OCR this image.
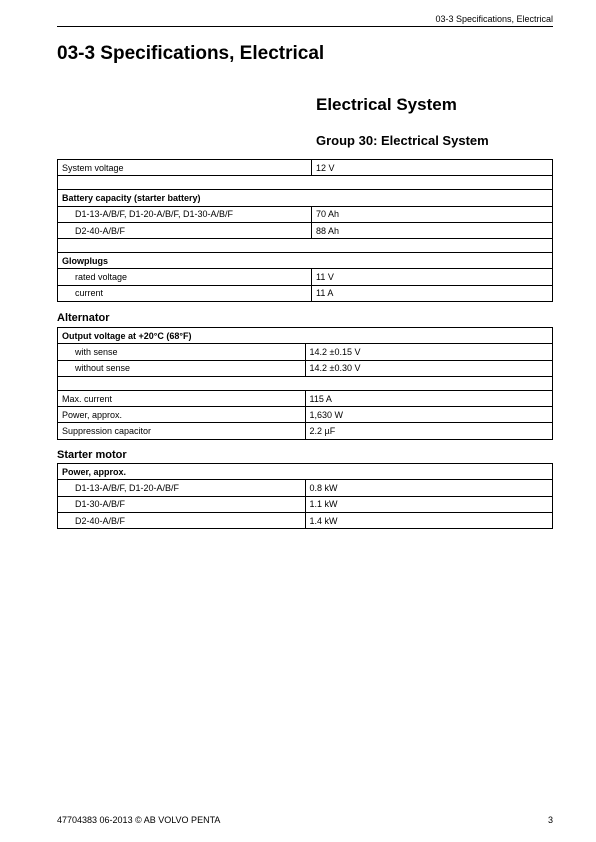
03-3 Specifications, Electrical
03-3 Specifications, Electrical
Electrical System
Group 30: Electrical System
System voltage	12 V

Battery capacity (starter battery)	
D1-13-A/B/F, D1-20-A/B/F, D1-30-A/B/F	70 Ah
D2-40-A/B/F	88 Ah

Glowplugs	
rated voltage	11 V
current	11 A
Alternator
Output voltage at +20°C (68°F)	
with sense	14.2 ±0.15 V
without sense	14.2 ±0.30 V

Max. current	115 A
Power, approx.	1,630 W
Suppression capacitor	2.2 µF
Starter motor
Power, approx.	
D1-13-A/B/F, D1-20-A/B/F	0.8 kW
D1-30-A/B/F	1.1 kW
D2-40-A/B/F	1.4 kW
47704383 06-2013 © AB VOLVO PENTA	3
